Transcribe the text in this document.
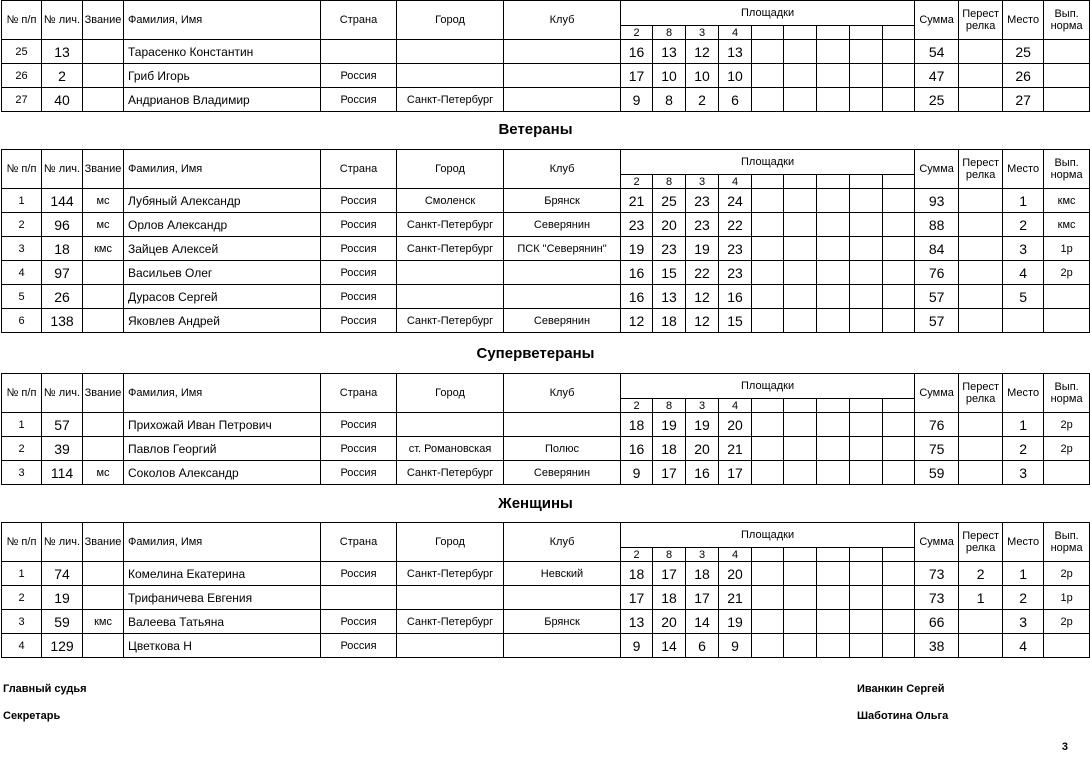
№ п/п	№ лич.	Звание	Фамилия, Имя	Страна	Город	Клуб	Площадки									Сумма	Перест релка	Место	Вып. норма
							2	8	3	4									
25	13		Тарасенко Константин				16	13	12	13						54		25	
26	2		Гриб Игорь	Россия			17	10	10	10						47		26	
27	40		Андрианов Владимир	Россия	Санкт-Петербург		9	8	2	6						25		27	
Ветераны
№ п/п	№ лич.	Звание	Фамилия, Имя	Страна	Город	Клуб	Площадки									Сумма	Перест релка	Место	Вып. норма
							2	8	3	4									
1	144	мс	Лубяный Александр	Россия	Смоленск	Брянск	21	25	23	24						93		1	кмс
2	96	мс	Орлов Александр	Россия	Санкт-Петербург	Северянин	23	20	23	22						88		2	кмс
3	18	кмс	Зайцев Алексей	Россия	Санкт-Петербург	ПСК "Северянин"	19	23	19	23						84		3	1р
4	97		Васильев Олег	Россия			16	15	22	23						76		4	2р
5	26		Дурасов Сергей	Россия			16	13	12	16						57		5	
6	138		Яковлев Андрей	Россия	Санкт-Петербург	Северянин	12	18	12	15						57			
Суперветераны
№ п/п	№ лич.	Звание	Фамилия, Имя	Страна	Город	Клуб	Площадки									Сумма	Перест релка	Место	Вып. норма
							2	8	3	4									
1	57		Прихожай Иван Петрович	Россия			18	19	19	20						76		1	2р
2	39		Павлов Георгий	Россия	ст. Романовская	Полюс	16	18	20	21						75		2	2р
3	114	мс	Соколов Александр	Россия	Санкт-Петербург	Северянин	9	17	16	17						59		3	
Женщины
№ п/п	№ лич.	Звание	Фамилия, Имя	Страна	Город	Клуб	Площадки									Сумма	Перест релка	Место	Вып. норма
							2	8	3	4									
1	74		Комелина Екатерина	Россия	Санкт-Петербург	Невский	18	17	18	20						73	2	1	2р
2	19		Трифаничева Евгения				17	18	17	21						73	1	2	1р
3	59	кмс	Валеева Татьяна	Россия	Санкт-Петербург	Брянск	13	20	14	19						66		3	2р
4	129		Цветкова Н	Россия			9	14	6	9						38		4	
Главный судья	Иванкин Сергей
Секретарь	Шаботина Ольга
3
